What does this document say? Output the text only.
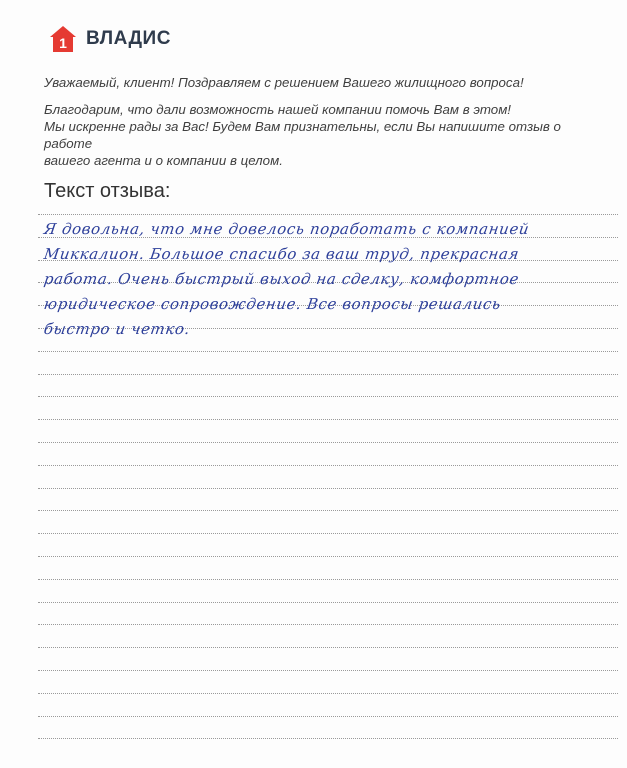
1 ВЛАДИС

Уважаемый, клиент! Поздравляем с решением Вашего жилищного вопроса!

Благодарим, что дали возможность нашей компании помочь Вам в этом!

Мы искренне рады за Вас! Будем Вам признательны, если Вы напишите отзыв о работе

вашего агента и о компании в целом.

Текст отзыва:
Я довольна, что мне довелось поработать с компанией
Миккалион. Большое спасибо за ваш труд, прекрасная
работа. Очень быстрый выход на сделку, комфортное
юридическое сопровождение. Все вопросы решались
быстро и четко.
